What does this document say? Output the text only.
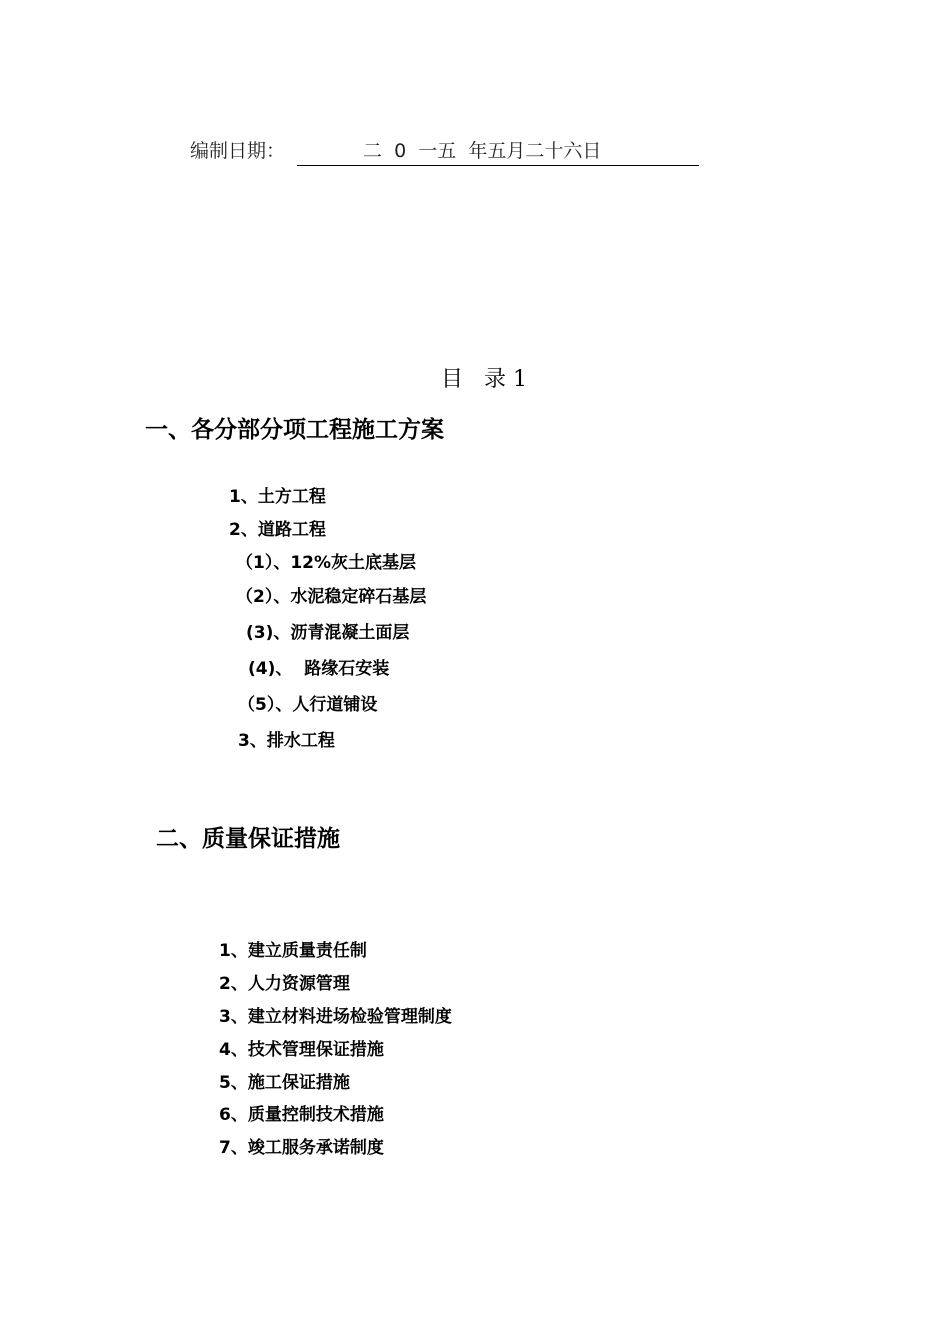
编制日期：	二  0  一五  年五月二十六日
目   录 1
一、各分部分项工程施工方案
1、土方工程
2、道路工程
（1）、12%灰土底基层
（2）、水泥稳定碎石基层
(3)、沥青混凝土面层
(4)、  路缘石安装
（5）、人行道铺设
3、排水工程
二、质量保证措施
1、建立质量责任制
2、人力资源管理
3、建立材料进场检验管理制度
4、技术管理保证措施
5、施工保证措施
6、质量控制技术措施
7、竣工服务承诺制度
